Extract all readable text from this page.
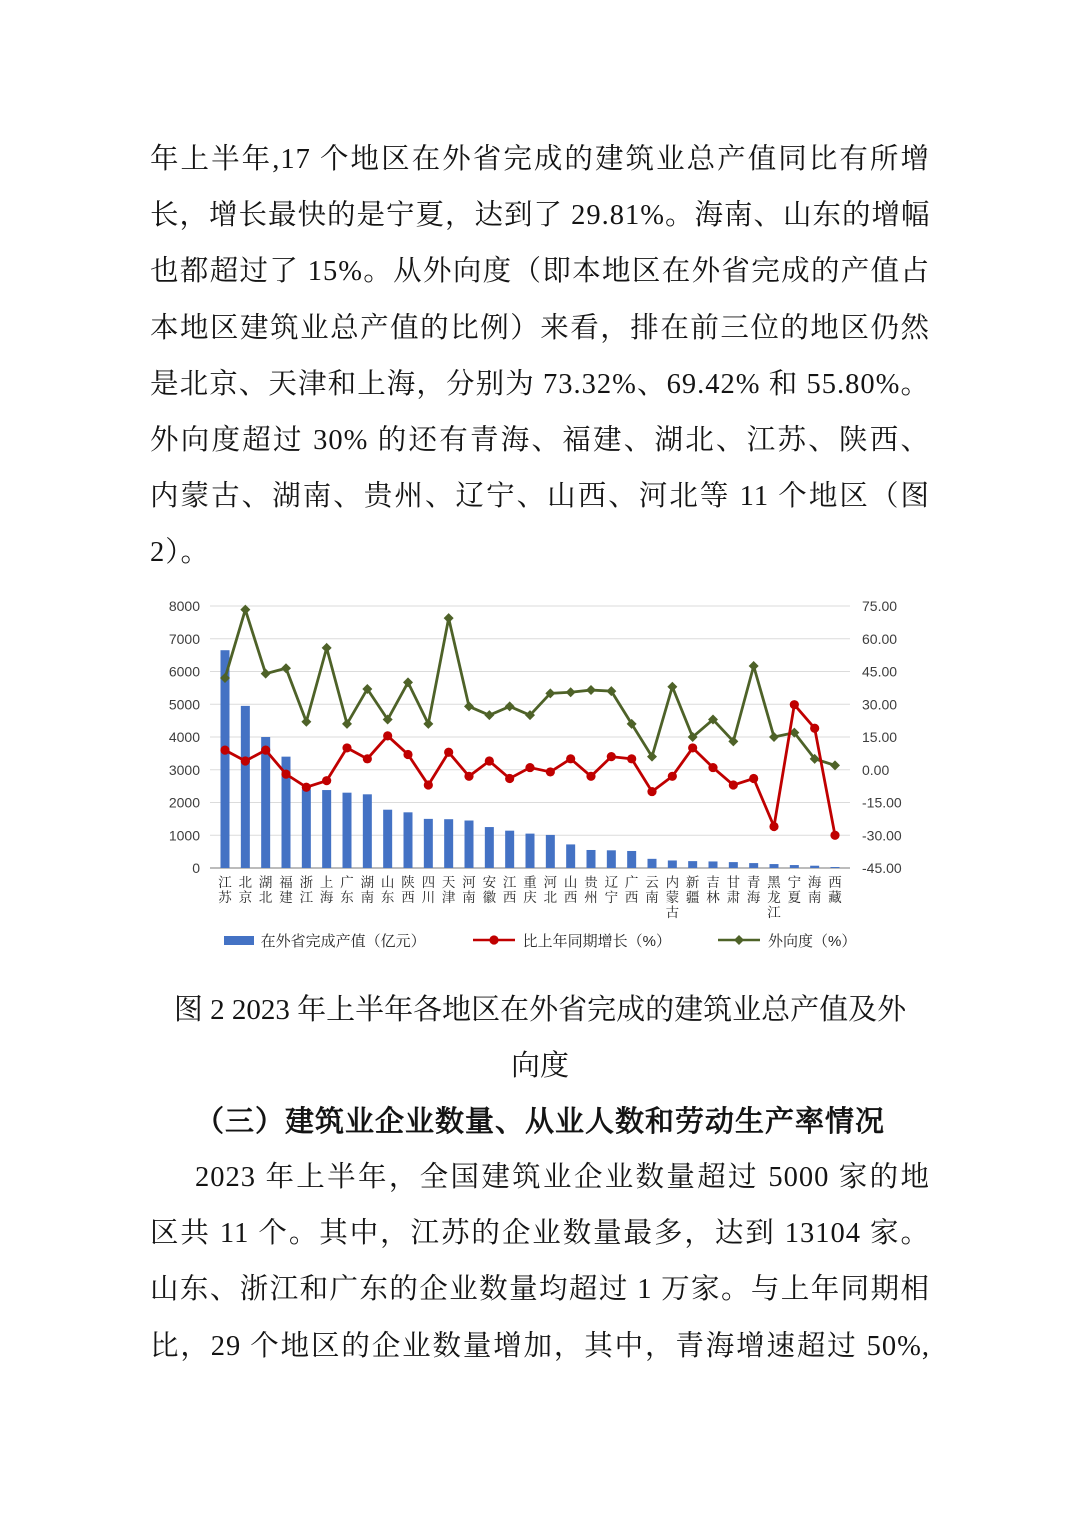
年上半年,17 个地区在外省完成的建筑业总产值同比有所增
长，增长最快的是宁夏，达到了 29.81%。海南、山东的增幅
也都超过了 15%。从外向度（即本地区在外省完成的产值占
本地区建筑业总产值的比例）来看，排在前三位的地区仍然
是北京、天津和上海，分别为 73.32%、69.42% 和 55.80%。
外向度超过 30% 的还有青海、福建、湖北、江苏、陕西、
内蒙古、湖南、贵州、辽宁、山西、河北等 11 个地区（图
2）。
0
1000
2000
3000
4000
5000
6000
7000
8000	75.00
60.00
45.00
30.00
15.00
0.00
-15.00
-30.00
-45.00
江
苏
北
京
湖
北
福
建
浙
江
上
海
广
东
湖
南
山
东
陕
西
四
川
天
津
河
南
安
徽
江
西
重
庆
河
北
山
西
贵
州
辽
宁
广
西
云
南
内
蒙
古
新
疆
吉
林
甘
肃
青
海
黑
龙
江
宁
夏
海
南
西
藏
在外省完成产值（亿元）	比上年同期增长（%）	外向度（%）
图 2 2023 年上半年各地区在外省完成的建筑业总产值及外
向度
（三）建筑业企业数量、从业人数和劳动生产率情况
2023 年上半年，全国建筑业企业数量超过 5000 家的地
区共 11 个。其中，江苏的企业数量最多，达到 13104 家。
山东、浙江和广东的企业数量均超过 1 万家。与上年同期相
比，29 个地区的企业数量增加，其中，青海增速超过 50%,
